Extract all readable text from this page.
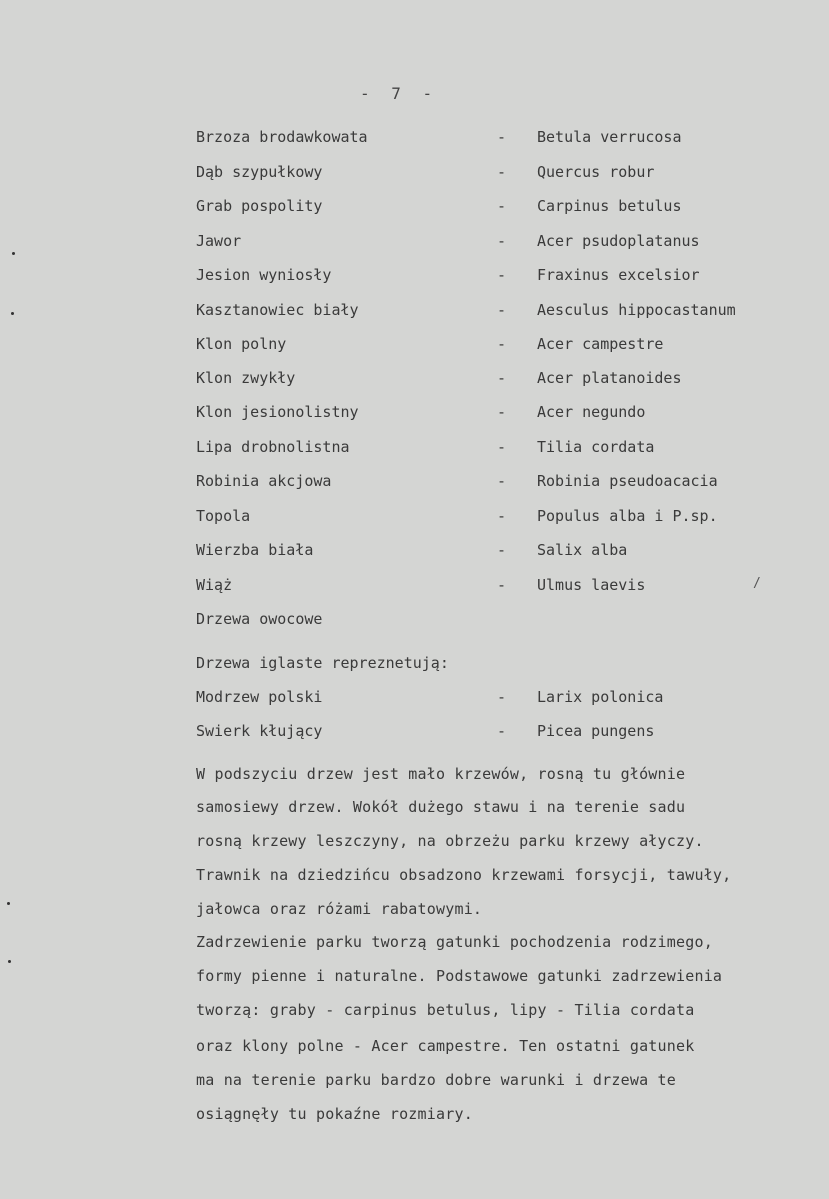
- 7 -
Brzoza brodawkowata	- Betula verrucosa
Dąb szypułkowy	- Quercus robur
Grab pospolity	- Carpinus betulus
Jawor	- Acer psudoplatanus
Jesion wyniosły	- Fraxinus excelsior
Kasztanowiec biały	- Aesculus hippocastanum
Klon polny	- Acer campestre
Klon zwykły	- Acer platanoides
Klon jesionolistny	- Acer negundo
Lipa drobnolistna	- Tilia cordata
Robinia akcjowa	- Robinia pseudoacacia
Topola	- Populus alba i P.sp.
Wierzba biała	- Salix alba
Wiąż	- Ulmus laevis	/
Drzewa owocowe
Drzewa iglaste repreznetują:
Modrzew polski	- Larix polonica
Swierk kłujący	- Picea pungens
W podszyciu drzew jest mało krzewów, rosną tu głównie
samosiewy drzew. Wokół dużego stawu i na terenie sadu
rosną krzewy leszczyny, na obrzeżu parku krzewy ałyczy.
Trawnik na dziedzińcu obsadzono krzewami forsycji, tawuły,
jałowca oraz różami rabatowymi.
Zadrzewienie parku tworzą gatunki pochodzenia rodzimego,
formy pienne i naturalne. Podstawowe gatunki zadrzewienia
tworzą: graby - carpinus betulus, lipy - Tilia cordata
oraz klony polne - Acer campestre. Ten ostatni gatunek
ma na terenie parku bardzo dobre warunki i drzewa te
osiągnęły tu pokaźne rozmiary.
